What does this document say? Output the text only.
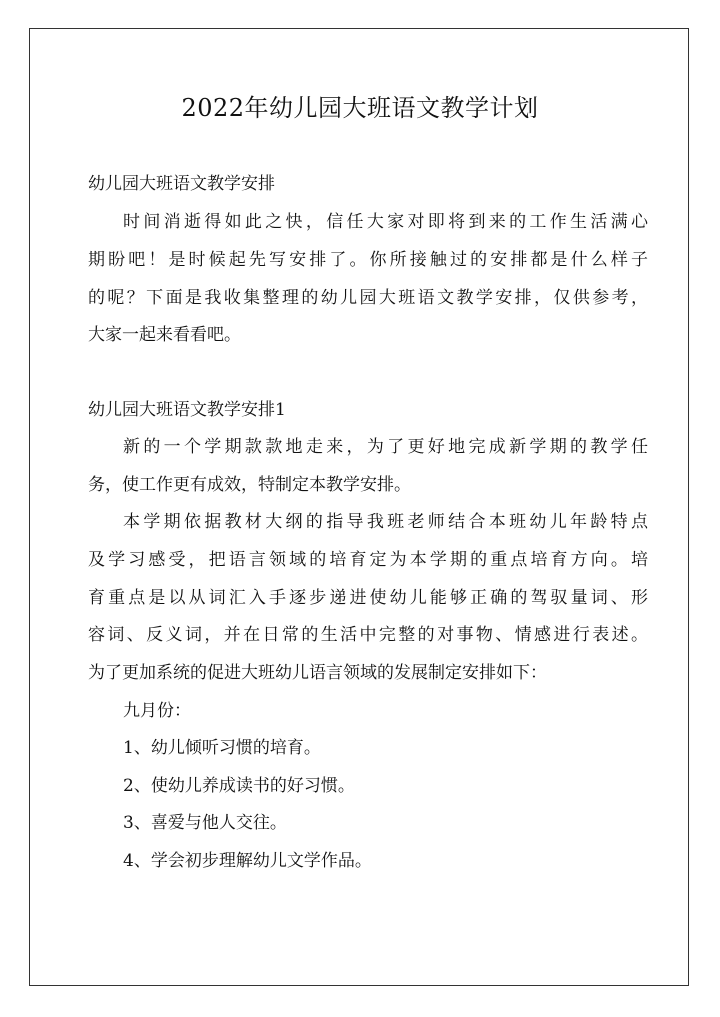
2022年幼儿园大班语文教学计划
幼儿园大班语文教学安排
时间消逝得如此之快，信任大家对即将到来的工作生活满心
期盼吧！是时候起先写安排了。你所接触过的安排都是什么样子
的呢？下面是我收集整理的幼儿园大班语文教学安排，仅供参考，
大家一起来看看吧。
幼儿园大班语文教学安排1
新的一个学期款款地走来，为了更好地完成新学期的教学任
务，使工作更有成效，特制定本教学安排。
本学期依据教材大纲的指导我班老师结合本班幼儿年龄特点
及学习感受，把语言领域的培育定为本学期的重点培育方向。培
育重点是以从词汇入手逐步递进使幼儿能够正确的驾驭量词、形
容词、反义词，并在日常的生活中完整的对事物、情感进行表述。
为了更加系统的促进大班幼儿语言领域的发展制定安排如下：
九月份：
1、幼儿倾听习惯的培育。
2、使幼儿养成读书的好习惯。
3、喜爱与他人交往。
4、学会初步理解幼儿文学作品。
